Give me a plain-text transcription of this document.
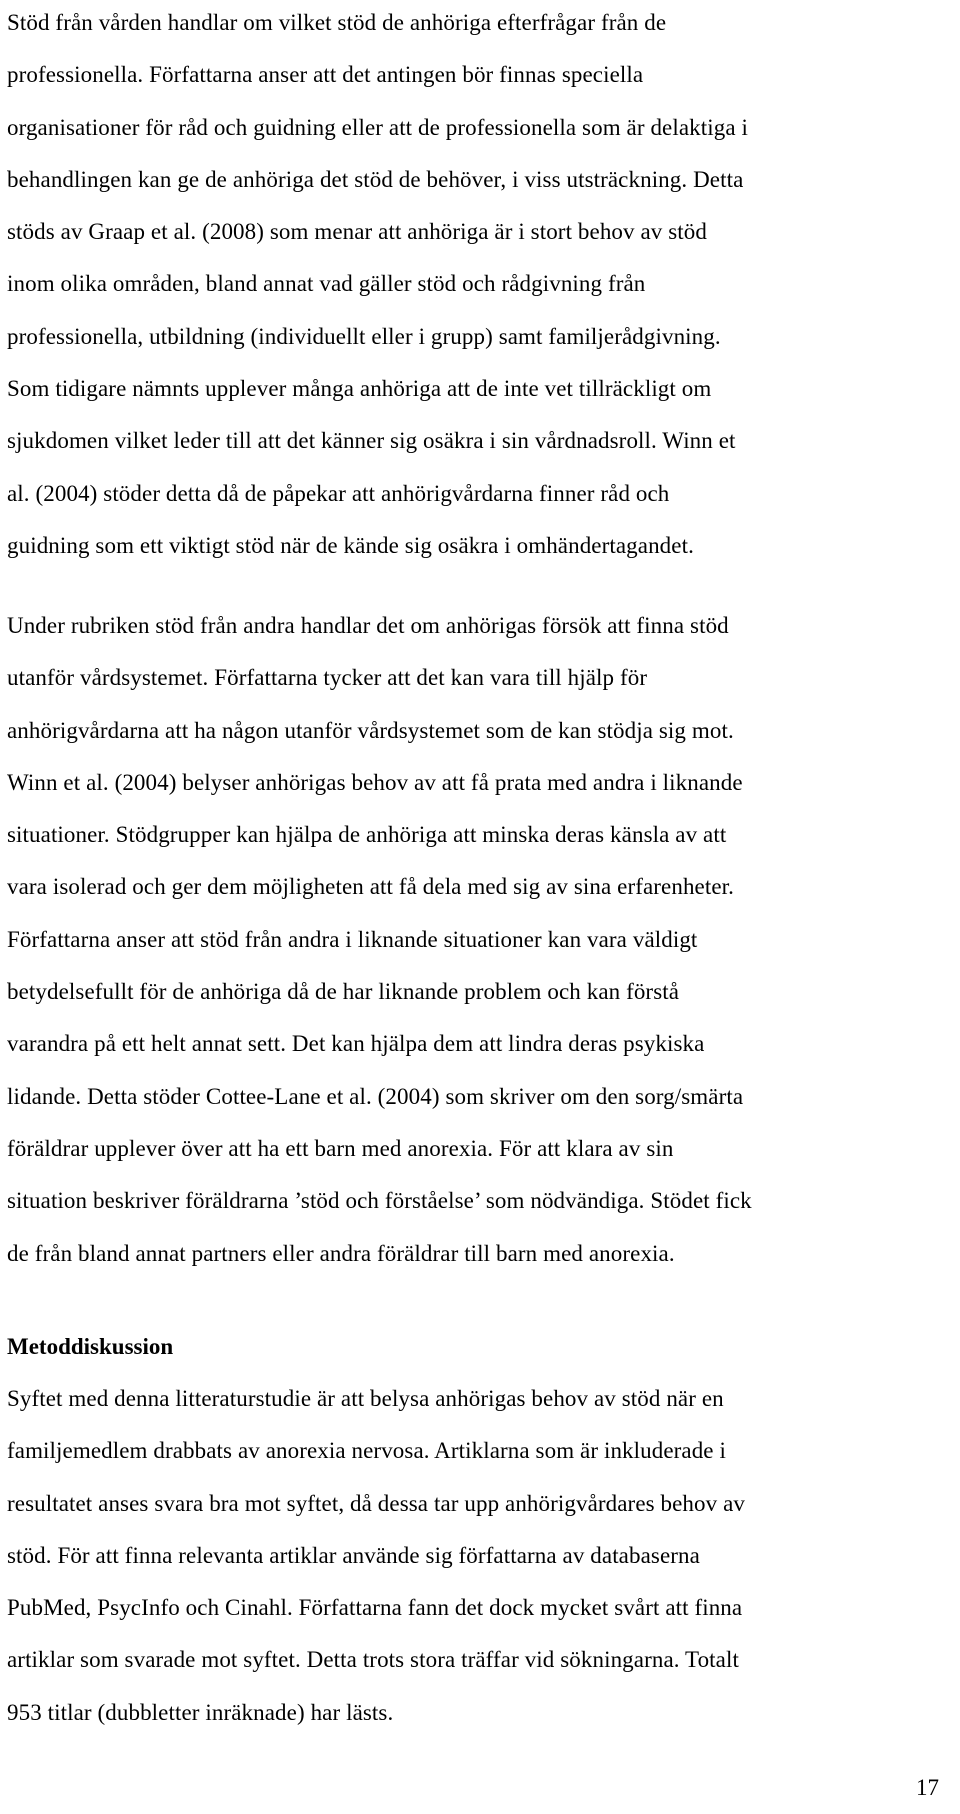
Stöd från vården handlar om vilket stöd de anhöriga efterfrågar från de
professionella. Författarna anser att det antingen bör finnas speciella
organisationer för råd och guidning eller att de professionella som är delaktiga i
behandlingen kan ge de anhöriga det stöd de behöver, i viss utsträckning. Detta
stöds av Graap et al. (2008) som menar att anhöriga är i stort behov av stöd
inom olika områden, bland annat vad gäller stöd och rådgivning från
professionella, utbildning (individuellt eller i grupp) samt familjerådgivning.
Som tidigare nämnts upplever många anhöriga att de inte vet tillräckligt om
sjukdomen vilket leder till att det känner sig osäkra i sin vårdnadsroll. Winn et
al. (2004) stöder detta då de påpekar att anhörigvårdarna finner råd och
guidning som ett viktigt stöd när de kände sig osäkra i omhändertagandet.
Under rubriken stöd från andra handlar det om anhörigas försök att finna stöd
utanför vårdsystemet. Författarna tycker att det kan vara till hjälp för
anhörigvårdarna att ha någon utanför vårdsystemet som de kan stödja sig mot.
Winn et al. (2004) belyser anhörigas behov av att få prata med andra i liknande
situationer. Stödgrupper kan hjälpa de anhöriga att minska deras känsla av att
vara isolerad och ger dem möjligheten att få dela med sig av sina erfarenheter.
Författarna anser att stöd från andra i liknande situationer kan vara väldigt
betydelsefullt för de anhöriga då de har liknande problem och kan förstå
varandra på ett helt annat sett. Det kan hjälpa dem att lindra deras psykiska
lidande. Detta stöder Cottee-Lane et al. (2004) som skriver om den sorg/smärta
föräldrar upplever över att ha ett barn med anorexia. För att klara av sin
situation beskriver föräldrarna ’stöd och förståelse’ som nödvändiga. Stödet fick
de från bland annat partners eller andra föräldrar till barn med anorexia.
Metoddiskussion
Syftet med denna litteraturstudie är att belysa anhörigas behov av stöd när en
familjemedlem drabbats av anorexia nervosa. Artiklarna som är inkluderade i
resultatet anses svara bra mot syftet, då dessa tar upp anhörigvårdares behov av
stöd. För att finna relevanta artiklar använde sig författarna av databaserna
PubMed, PsycInfo och Cinahl. Författarna fann det dock mycket svårt att finna
artiklar som svarade mot syftet. Detta trots stora träffar vid sökningarna. Totalt
953 titlar (dubbletter inräknade) har lästs.
17
